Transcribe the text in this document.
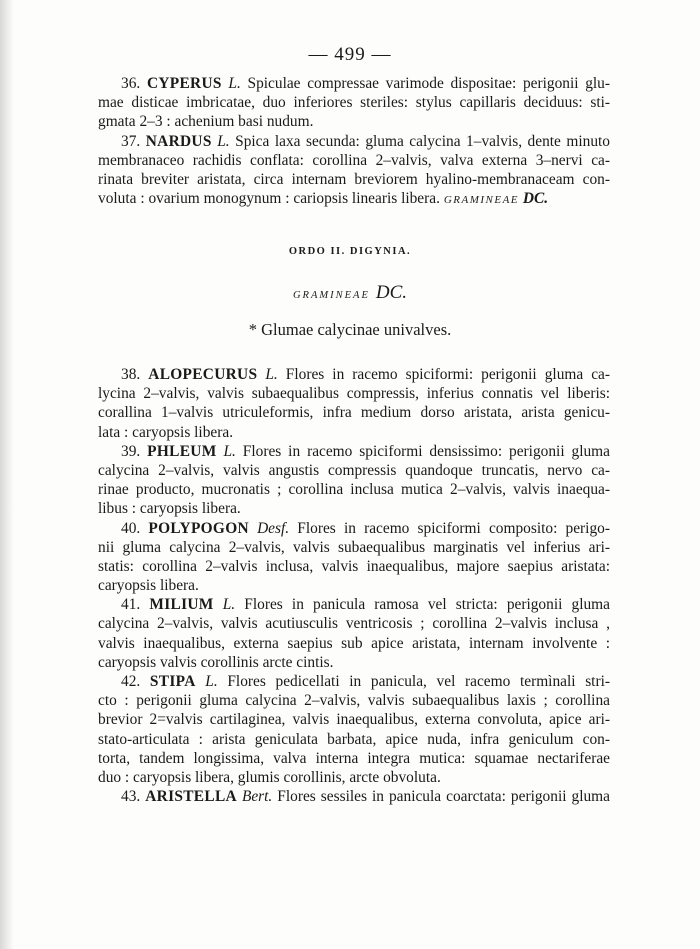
— 499 —
36. CYPERUS L. Spiculae compressae varimode dispositae: perigonii glu-
mae disticae imbricatae, duo inferiores steriles: stylus capillaris deciduus: sti-
gmata 2–3 : achenium basi nudum.
37. NARDUS L. Spica laxa secunda: gluma calycina 1–valvis, dente minuto
membranaceo rachidis conflata: corollina 2–valvis, valva externa 3–nervi ca-
rinata breviter aristata, circa internam breviorem hyalino-membranaceam con-
voluta : ovarium monogynum : cariopsis linearis libera. GRAMINEAE DC.
ORDO II. DIGYNIA.
GRAMINEAE DC.
* Glumae calycinae univalves.
38. ALOPECURUS L. Flores in racemo spiciformi: perigonii gluma ca-
lycina 2–valvis, valvis subaequalibus compressis, inferius connatis vel liberis:
corallina 1–valvis utriculeformis, infra medium dorso aristata, arista genicu-
lata : caryopsis libera.
39. PHLEUM L. Flores in racemo spiciformi densissimo: perigonii gluma
calycina 2–valvis, valvis angustis compressis quandoque truncatis, nervo ca-
rinae producto, mucronatis ; corollina inclusa mutica 2–valvis, valvis inaequa-
libus : caryopsis libera.
40. POLYPOGON Desf. Flores in racemo spiciformi composito: perigo-
nii gluma calycina 2–valvis, valvis subaequalibus marginatis vel inferius ari-
statis: corollina 2–valvis inclusa, valvis inaequalibus, majore saepius aristata:
caryopsis libera.
41. MILIUM L. Flores in panicula ramosa vel stricta: perigonii gluma
calycina 2–valvis, valvis acutiusculis ventricosis ; corollina 2–valvis inclusa ,
valvis inaequalibus, externa saepius sub apice aristata, internam involvente :
caryopsis valvis corollinis arcte cintis.
42. STIPA L. Flores pedicellati in panicula, vel racemo termìnali stri-
cto : perigonii gluma calycina 2–valvis, valvis subaequalibus laxis ; corollina
brevior 2=valvis cartilaginea, valvis inaequalibus, externa convoluta, apice ari-
stato-articulata : arista geniculata barbata, apice nuda, infra geniculum con-
torta, tandem longissima, valva interna integra mutica: squamae nectariferae
duo : caryopsis libera, glumis corollinis, arcte obvoluta.
43. ARISTELLA Bert. Flores sessiles in panicula coarctata: perigonii gluma
